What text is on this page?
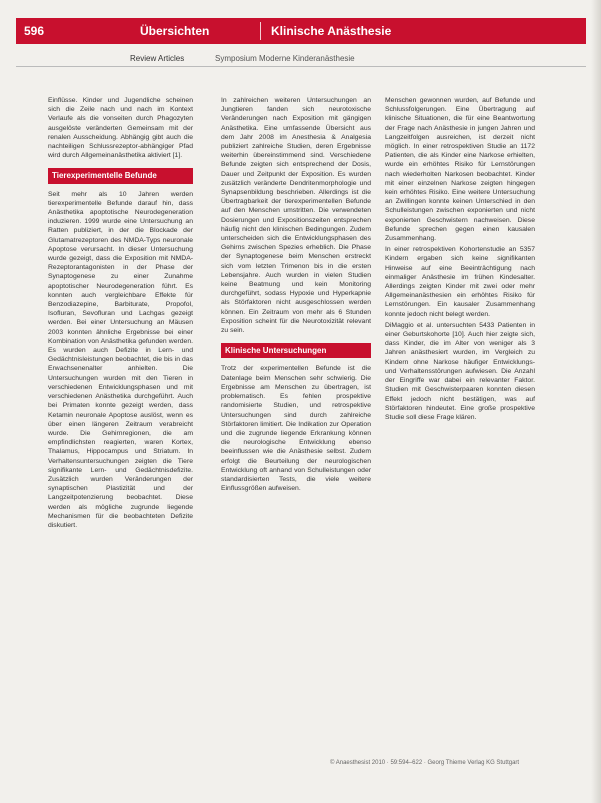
596	Übersichten	Klinische Anästhesie
Review Articles	Symposium Moderne Kinderanästhesie

Einflüsse. Kinder und Jugendliche scheinen sich die Zeile nach und nach im Kontext Verlaufe als die vonseiten durch Phagozyten ausgelöste veränderten Gemeinsam mit der renalen Ausscheidung. Abhängig gibt auch die nachteiligen Schlussrezeptor-abhängiger Pfad wird durch Allgemeinanästhetika aktiviert [1].

Tierexperimentelle Befunde

Seit mehr als 10 Jahren werden tierexperimentelle Befunde darauf hin, dass Anästhetika apoptotische Neurodegeneration induzieren. 1999 wurde eine Untersuchung an Ratten publiziert, in der die Blockade der Glutamatrezeptoren des NMDA-Typs neuronale Apoptose verursacht. In dieser Untersuchung wurde gezeigt, dass die Exposition mit NMDA-Rezeptorantagonisten in der Phase der Synaptogenese zu einer Zunahme apoptotischer Neurodegeneration führt. Es konnten auch vergleichbare Effekte für Benzodiazepine, Barbiturate, Propofol, Isofluran, Sevofluran und Lachgas gezeigt werden. Bei einer Untersuchung an Mäusen 2003 konnten ähnliche Ergebnisse bei einer Kombination von Anästhetika gefunden werden. Es wurden auch Defizite in Lern- und Gedächtnisleistungen beobachtet, die bis in das Erwachsenenalter anhielten. Die Untersuchungen wurden mit den Tieren in verschiedenen Entwicklungsphasen und mit verschiedenen Anästhetika durchgeführt. Auch bei Primaten konnte gezeigt werden, dass Ketamin neuronale Apoptose auslöst, wenn es über einen längeren Zeitraum verabreicht wurde. Die Gehirnregionen, die am empfindlichsten reagierten, waren Kortex, Thalamus, Hippocampus und Striatum. In Verhaltensuntersuchungen zeigten die Tiere signifikante Lern- und Gedächtnisdefizite. Zusätzlich wurden Veränderungen der synaptischen Plastizität und der Langzeitpotenzierung beobachtet. Diese werden als mögliche zugrunde liegende Mechanismen für die beobachteten Defizite diskutiert.

In zahlreichen weiteren Untersuchungen an Jungtieren fanden sich neurotoxische Veränderungen nach Exposition mit gängigen Anästhetika. Eine umfassende Übersicht aus dem Jahr 2008 im Anesthesia & Analgesia publiziert zahlreiche Studien, deren Ergebnisse weiterhin übereinstimmend sind. Verschiedene Befunde zeigten sich entsprechend der Dosis, Dauer und Zeitpunkt der Exposition. Es wurden zusätzlich veränderte Dendritenmorphologie und Synapsenbildung beschrieben. Allerdings ist die Übertragbarkeit der tierexperimentellen Befunde auf den Menschen umstritten. Die verwendeten Dosierungen und Expositionszeiten entsprechen häufig nicht den klinischen Bedingungen. Zudem unterscheiden sich die Entwicklungsphasen des Gehirns zwischen Spezies erheblich. Die Phase der Synaptogenese beim Menschen erstreckt sich vom letzten Trimenon bis in die ersten Lebensjahre. Auch wurden in vielen Studien keine Beatmung und kein Monitoring durchgeführt, sodass Hypoxie und Hyperkapnie als Störfaktoren nicht ausgeschlossen werden können. Ein Zeitraum von mehr als 6 Stunden Exposition scheint für die Neurotoxizität relevant zu sein.

Klinische Untersuchungen

Trotz der experimentellen Befunde ist die Datenlage beim Menschen sehr schwierig. Die Ergebnisse am Menschen zu übertragen, ist problematisch. Es fehlen prospektive randomisierte Studien, und retrospektive Untersuchungen sind durch zahlreiche Störfaktoren limitiert. Die Indikation zur Operation und die zugrunde liegende Erkrankung können die neurologische Entwicklung ebenso beeinflussen wie die Anästhesie selbst. Zudem erfolgt die Beurteilung der neurologischen Entwicklung oft anhand von Schulleistungen oder standardisierten Tests, die viele weitere Einflussgrößen aufweisen.

Menschen gewonnen wurden, auf Befunde und Schlussfolgerungen. Eine Übertragung auf klinische Situationen, die für eine Beantwortung der Frage nach Anästhesie in jungen Jahren und Langzeitfolgen ausreichen, ist derzeit nicht möglich. In einer retrospektiven Studie an 1172 Patienten, die als Kinder eine Narkose erhielten, wurde ein erhöhtes Risiko für Lernstörungen nach wiederholten Narkosen beobachtet. Kinder mit einer einzelnen Narkose zeigten hingegen kein erhöhtes Risiko. Eine weitere Untersuchung an Zwillingen konnte keinen Unterschied in den Schulleistungen zwischen exponierten und nicht exponierten Geschwistern nachweisen. Diese Befunde sprechen gegen einen kausalen Zusammenhang.

In einer retrospektiven Kohortenstudie an 5357 Kindern ergaben sich keine signifikanten Hinweise auf eine Beeinträchtigung nach einmaliger Anästhesie im frühen Kindesalter. Allerdings zeigten Kinder mit zwei oder mehr Allgemeinanästhesien ein erhöhtes Risiko für Lernstörungen. Ein kausaler Zusammenhang konnte jedoch nicht belegt werden.

DiMaggio et al. untersuchten 5433 Patienten in einer Geburtskohorte [10]. Auch hier zeigte sich, dass Kinder, die im Alter von weniger als 3 Jahren anästhesiert wurden, im Vergleich zu Kindern ohne Narkose häufiger Entwicklungs- und Verhaltensstörungen aufwiesen. Die Anzahl der Eingriffe war dabei ein relevanter Faktor. Studien mit Geschwisterpaaren konnten diesen Effekt jedoch nicht bestätigen, was auf Störfaktoren hindeutet. Eine große prospektive Studie soll diese Frage klären.

© Anaesthesist 2010 · 59:594–622 · Georg Thieme Verlag KG Stuttgart
